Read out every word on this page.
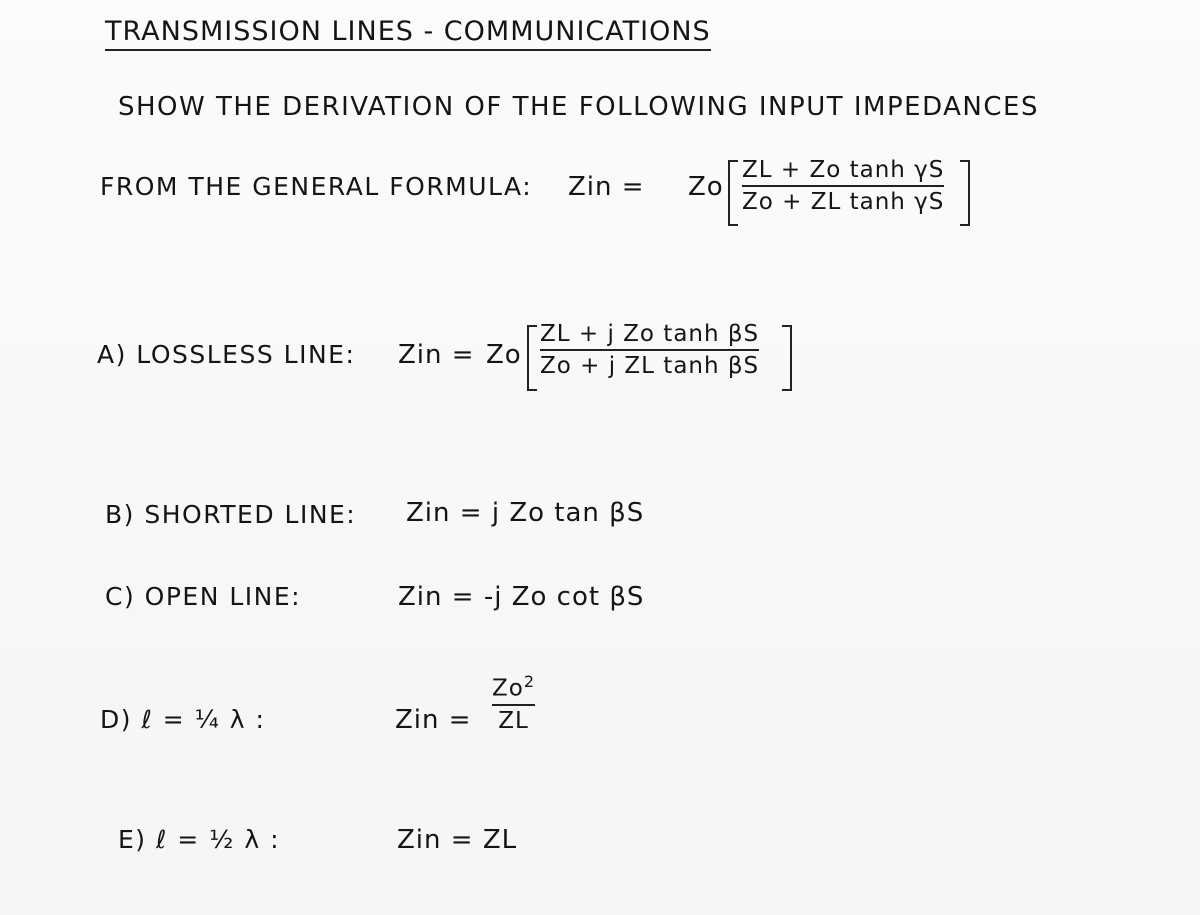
TRANSMISSION LINES - COMMUNICATIONS
SHOW THE DERIVATION OF THE FOLLOWING INPUT IMPEDANCES
FROM THE GENERAL FORMULA: Zin = Zo
ZL + Zo tanh γS
Zo + ZL tanh γS
A) LOSSLESS LINE: Zin = Zo
ZL + j Zo tanh βS
Zo + j ZL tanh βS
B) SHORTED LINE: Zin = j Zo tan βS
C) OPEN LINE:	Zin = -j Zo cot βS
D) ℓ = ¼ λ :	Zin =
$Zo^2$
ZL
E) ℓ = ½ λ :	Zin = ZL
